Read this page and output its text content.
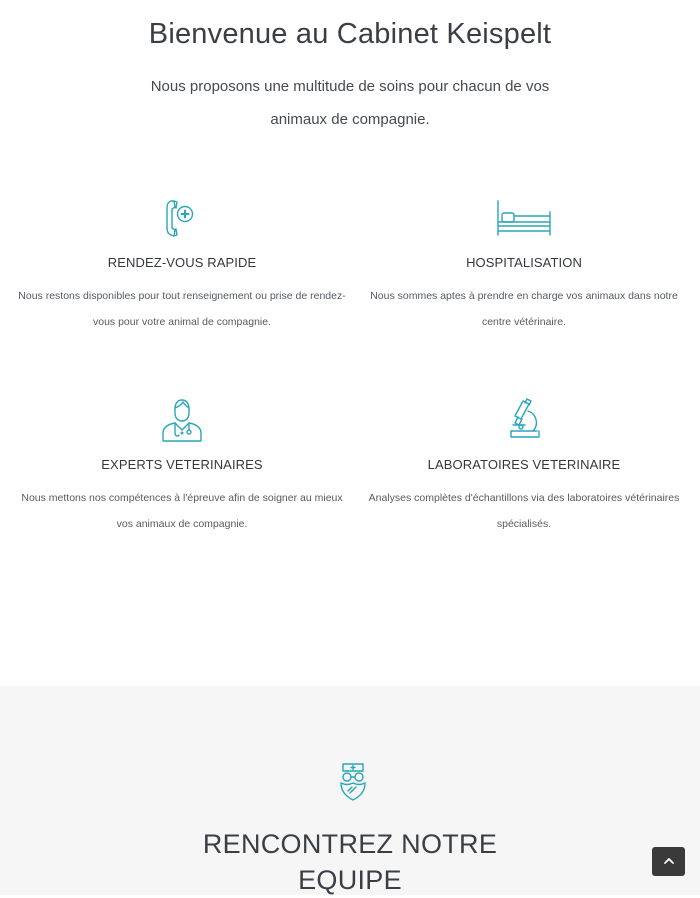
Bienvenue au Cabinet Keispelt

Nous proposons une multitude de soins pour chacun de vos animaux de compagnie.

RENDEZ-VOUS RAPIDE

Nous restons disponibles pour tout renseignement ou prise de rendez-vous pour votre animal de compagnie.

HOSPITALISATION

Nous sommes aptes à prendre en charge vos animaux dans notre centre vétérinaire.

EXPERTS VETERINAIRES

Nous mettons nos compétences à l'épreuve afin de soigner au mieux vos animaux de compagnie.

LABORATOIRES VETERINAIRE

Analyses complètes d'échantillons via des laboratoires vétérinaires spécialisés.

RENCONTREZ NOTRE EQUIPE
